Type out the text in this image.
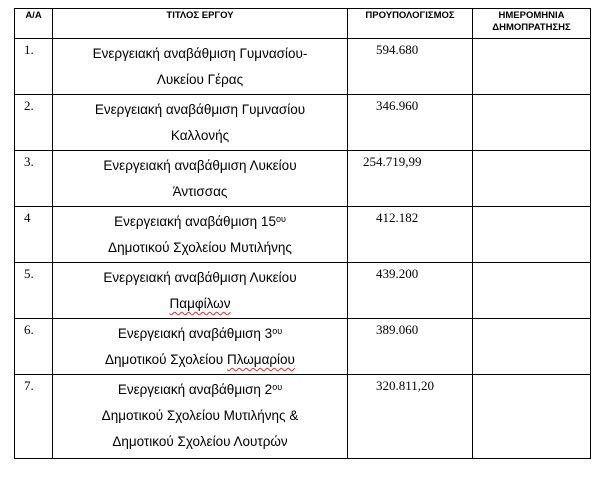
Α/Α	ΤΙΤΛΟΣ ΕΡΓΟΥ	ΠΡΟΥΠΟΛΟΓΙΣΜΟΣ	ΗΜΕΡΟΜΗΝΙΑ
ΔΗΜΟΠΡΑΤΗΣΗΣ
1.	Ενεργειακή αναβάθμιση Γυμνασίου-
Λυκείου Γέρας	594.680	

2.	Ενεργειακή αναβάθμιση Γυμνασίου
Καλλονής	346.960	

3.	Ενεργειακή αναβάθμιση Λυκείου
Άντισσας	254.719,99	

4	Ενεργειακή αναβάθμιση $15^{o\upsilon}$
Δημοτικού Σχολείου Μυτιλήνης	412.182	

5.	Ενεργειακή αναβάθμιση Λυκείου
Παμφίλων	439.200	

6.	Ενεργειακή αναβάθμιση $3^{o\upsilon}$
Δημοτικού Σχολείου Πλωμαρίου	389.060	

7.	Ενεργειακή αναβάθμιση $2^{o\upsilon}$
Δημοτικού Σχολείου Μυτιλήνης &
Δημοτικού Σχολείου Λουτρών	320.811,20	
